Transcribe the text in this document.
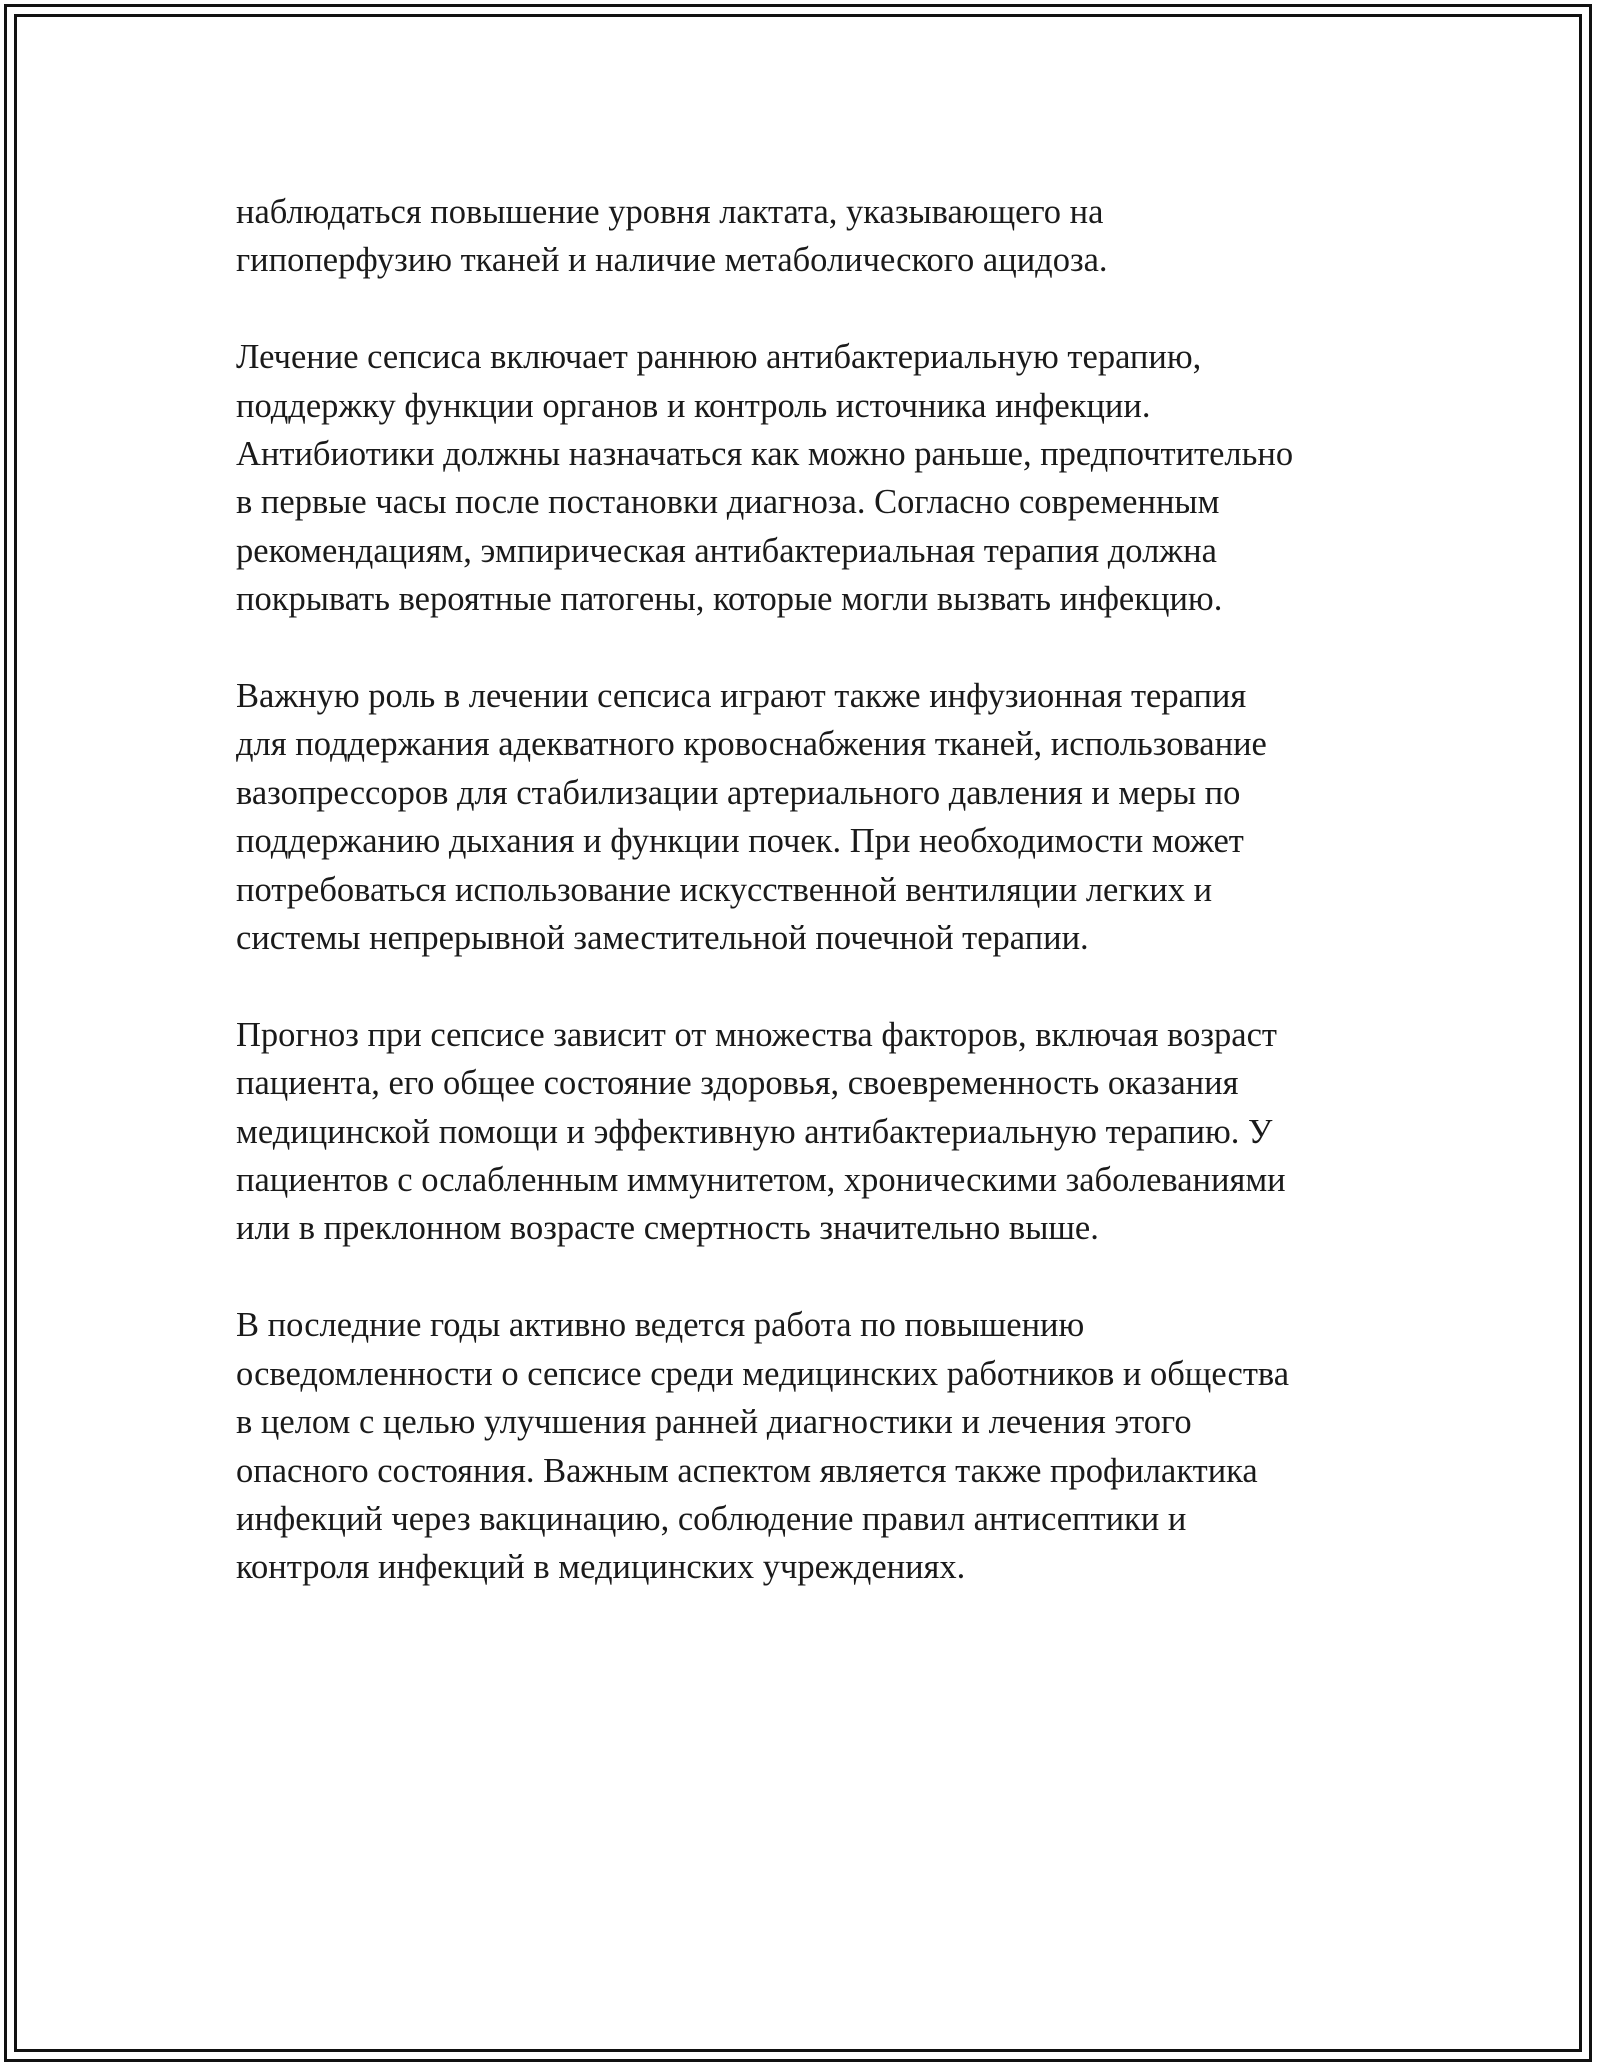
наблюдаться повышение уровня лактата, указывающего на
гипоперфузию тканей и наличие метаболического ацидоза.

Лечение сепсиса включает раннюю антибактериальную терапию,
поддержку функции органов и контроль источника инфекции.
Антибиотики должны назначаться как можно раньше, предпочтительно
в первые часы после постановки диагноза. Согласно современным
рекомендациям, эмпирическая антибактериальная терапия должна
покрывать вероятные патогены, которые могли вызвать инфекцию.

Важную роль в лечении сепсиса играют также инфузионная терапия
для поддержания адекватного кровоснабжения тканей, использование
вазопрессоров для стабилизации артериального давления и меры по
поддержанию дыхания и функции почек. При необходимости может
потребоваться использование искусственной вентиляции легких и
системы непрерывной заместительной почечной терапии.

Прогноз при сепсисе зависит от множества факторов, включая возраст
пациента, его общее состояние здоровья, своевременность оказания
медицинской помощи и эффективную антибактериальную терапию. У
пациентов с ослабленным иммунитетом, хроническими заболеваниями
или в преклонном возрасте смертность значительно выше.

В последние годы активно ведется работа по повышению
осведомленности о сепсисе среди медицинских работников и общества
в целом с целью улучшения ранней диагностики и лечения этого
опасного состояния. Важным аспектом является также профилактика
инфекций через вакцинацию, соблюдение правил антисептики и
контроля инфекций в медицинских учреждениях.
